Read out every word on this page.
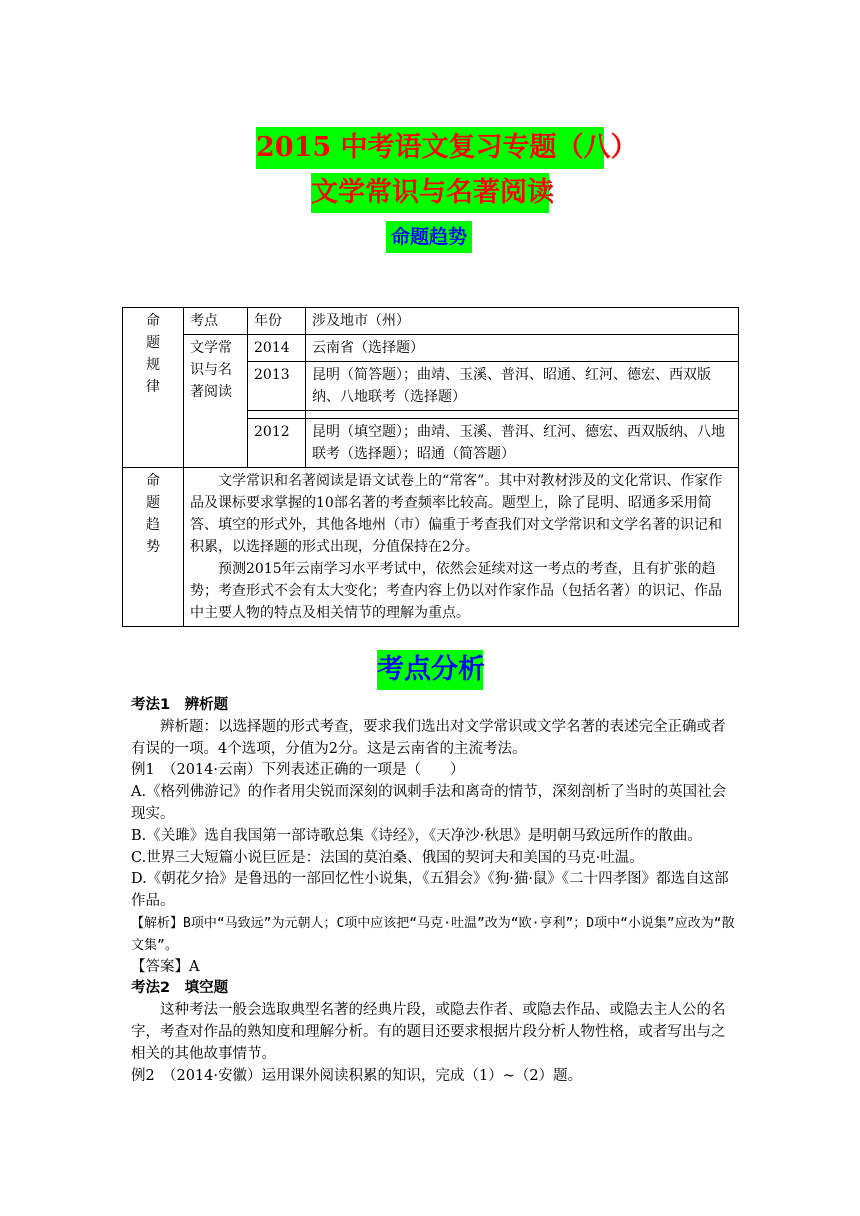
2015 中考语文复习专题（八）
文学常识与名著阅读
命题趋势
命题规律	考点	年份	涉及地市（州）
	文学常识与名著阅读	2014	云南省（选择题）
		2013	昆明（简答题）；曲靖、玉溪、普洱、昭通、红河、德宏、西双版纳、八地联考（选择题）

		2012	昆明（填空题）；曲靖、玉溪、普洱、红河、德宏、西双版纳、八地联考（选择题）；昭通（简答题）
命题趋势	文学常识和名著阅读是语文试卷上的“常客”。其中对教材涉及的文化常识、作家作品及课标要求掌握的10部名著的考查频率比较高。题型上，除了昆明、昭通多采用简答、填空的形式外，其他各地州（市）偏重于考查我们对文学常识和文学名著的识记和积累，以选择题的形式出现，分值保持在2分。

预测2015年云南学习水平考试中，依然会延续对这一考点的考查，且有扩张的趋势；考查形式不会有太大变化；考查内容上仍以对作家作品（包括名著）的识记、作品中主要人物的特点及相关情节的理解为重点。		

考点分析

考法1　辨析题

辨析题：以选择题的形式考查，要求我们选出对文学常识或文学名著的表述完全正确或者有误的一项。4个选项，分值为2分。这是云南省的主流考法。

例1　（2014·云南）下列表述正确的一项是（　　）

A.《格列佛游记》的作者用尖锐而深刻的讽刺手法和离奇的情节，深刻剖析了当时的英国社会现实。

B.《关雎》选自我国第一部诗歌总集《诗经》，《天净沙·秋思》是明朝马致远所作的散曲。

C.世界三大短篇小说巨匠是：法国的莫泊桑、俄国的契诃夫和美国的马克·吐温。

D.《朝花夕拾》是鲁迅的一部回忆性小说集，《五猖会》《狗·猫·鼠》《二十四孝图》都选自这部作品。

【解析】B项中“马致远”为元朝人；C项中应该把“马克·吐温”改为“欧·亨利”；D项中“小说集”应改为“散文集”。

【答案】A

考法2　填空题

这种考法一般会选取典型名著的经典片段，或隐去作者、或隐去作品、或隐去主人公的名字，考查对作品的熟知度和理解分析。有的题目还要求根据片段分析人物性格，或者写出与之相关的其他故事情节。

例2　（2014·安徽）运用课外阅读积累的知识，完成（1）~（2）题。
